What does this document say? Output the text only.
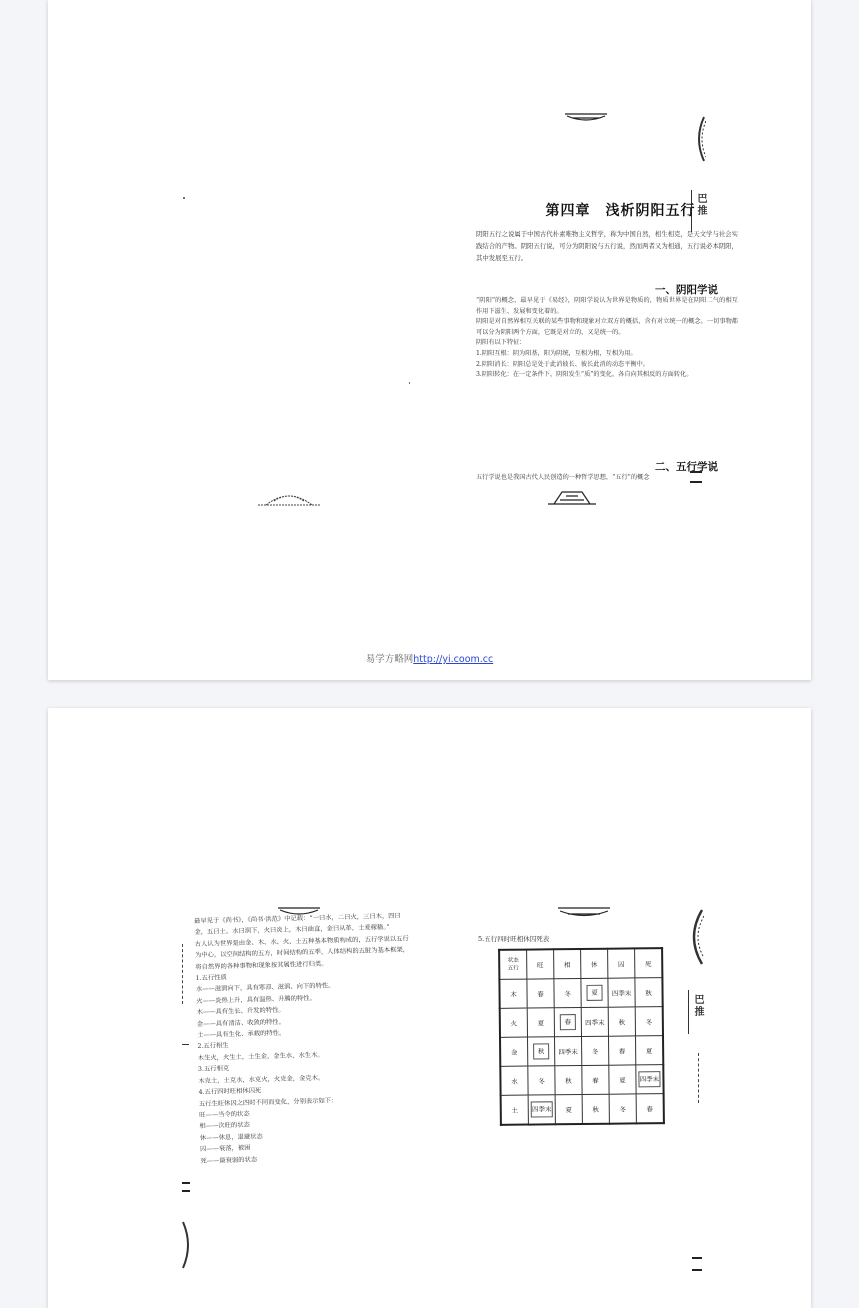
巴推
第四章　浅析阴阳五行
阴阳五行之说属于中国古代朴素唯物主义哲学，称为中国自然，相生相克，是天文学与社会实践结合的产物。阴阳五行说，可分为阴阳说与五行说，然而两者又为相通，五行说必本阴阳，其中发展至五行。
一、阴阳学说

“阴阳”的概念，最早见于《易经》，阴阳学说认为世界是物质的，物质世界是在阴阳二气的相互作用下滋生、发展和变化着的。

阴阳是对自然界相互关联的某些事物和现象对立双方的概括，含有对立统一的概念。一切事物都可以分为阴阳两个方面，它既是对立的，又是统一的。

阴阳有以下特征：

1.阴阳互根：阴为阳基，阳为阴统，互相为根，互相为用。

2.阴阳消长：阴阳总是处于此消彼长、彼长此消的动态平衡中。

3.阴阳转化：在一定条件下，阴阳发生“质”的变化，各自向其相反的方面转化。

二、五行学说
五行学说也是我国古代人民创造的一种哲学思想，“五行”的概念
易学方略网http://yi.coom.cc

最早见于《尚书》，《尚书·洪范》中记载：“一曰水，二曰火，三曰木，四曰金，五曰土。水曰润下，火曰炎上，木曰曲直，金曰从革，土爰稼穑。”

古人认为世界是由金、木、水、火、土五种基本物质构成的，五行学说以五行为中心，以空间结构的五方，时间结构的五季，人体结构的五脏为基本框架，将自然界的各种事物和现象按其属性进行归类。

1.五行性质

水——滋润向下，具有寒凉、滋润、向下的特性。

火——炎热上升，具有温热、升腾的特性。

木——具有生长、升发的特性。

金——具有清洁、收敛的特性。

土——具有生化、承载的特性。

2.五行相生

木生火，火生土，土生金，金生水，水生木。

3.五行相克

木克土，土克水，水克火，火克金，金克木。

4.五行四时旺相休囚死

五行生旺休囚之四时不同而变化，分别表示如下：

旺——当令的状态

相——次旺的状态

休——休息，退避状态

囚——衰落，被困

死——最衰弱的状态

5.五行四时旺相休囚死表
状态
五行	旺	相	休	囚	死
木	春	冬	夏	四季末	秋
火	夏	春	四季末	秋	冬
金	秋	四季末	冬	春	夏
水	冬	秋	春	夏	四季末
土	四季末	夏	秋	冬	春
巴推
